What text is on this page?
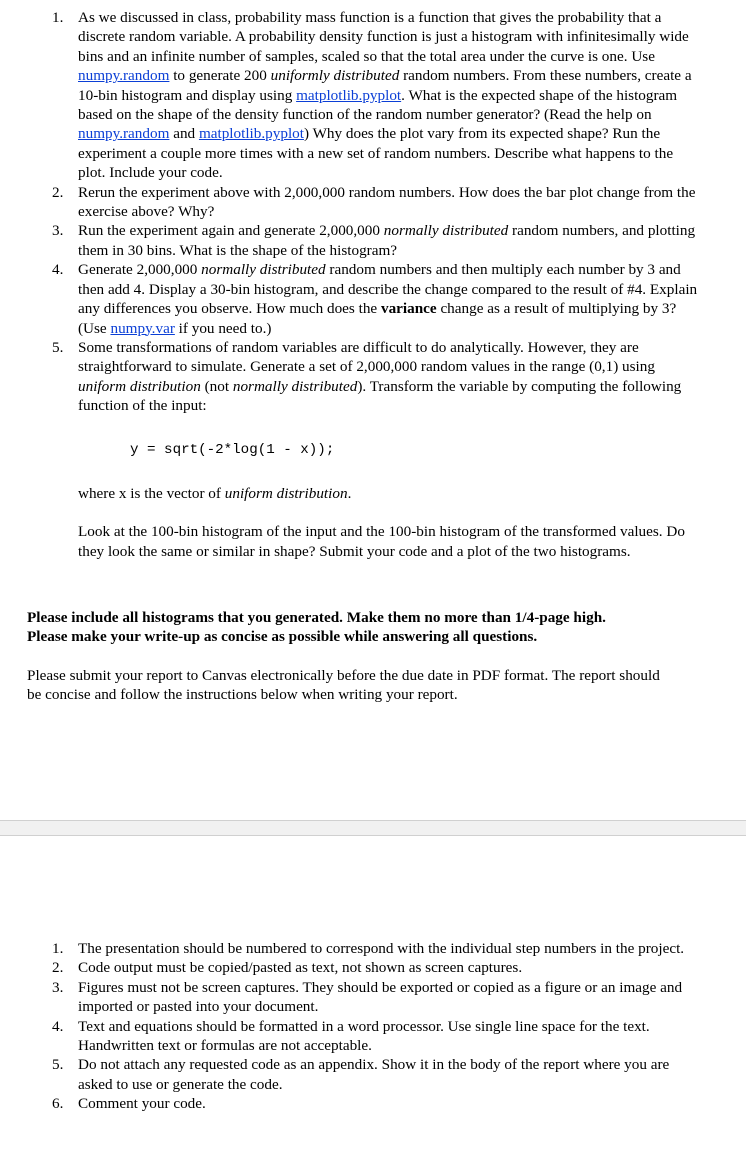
1. As we discussed in class, probability mass function is a function that gives the probability that a discrete random variable. A probability density function is just a histogram with infinitesimally wide bins and an infinite number of samples, scaled so that the total area under the curve is one. Use numpy.random to generate 200 uniformly distributed random numbers. From these numbers, create a 10-bin histogram and display using matplotlib.pyplot. What is the expected shape of the histogram based on the shape of the density function of the random number generator? (Read the help on numpy.random and matplotlib.pyplot) Why does the plot vary from its expected shape? Run the experiment a couple more times with a new set of random numbers. Describe what happens to the plot. Include your code.
2. Rerun the experiment above with 2,000,000 random numbers. How does the bar plot change from the exercise above? Why?
3. Run the experiment again and generate 2,000,000 normally distributed random numbers, and plotting them in 30 bins. What is the shape of the histogram?
4. Generate 2,000,000 normally distributed random numbers and then multiply each number by 3 and then add 4. Display a 30-bin histogram, and describe the change compared to the result of #4. Explain any differences you observe. How much does the variance change as a result of multiplying by 3? (Use numpy.var if you need to.)
5. Some transformations of random variables are difficult to do analytically. However, they are straightforward to simulate. Generate a set of 2,000,000 random values in the range (0,1) using uniform distribution (not normally distributed). Transform the variable by computing the following function of the input:
y = sqrt(-2*log(1 - x));

where x is the vector of uniform distribution.

Look at the 100-bin histogram of the input and the 100-bin histogram of the transformed values. Do they look the same or similar in shape? Submit your code and a plot of the two histograms.

Please include all histograms that you generated. Make them no more than 1/4-page high.
Please make your write-up as concise as possible while answering all questions.
Please submit your report to Canvas electronically before the due date in PDF format. The report should be concise and follow the instructions below when writing your report.
1. The presentation should be numbered to correspond with the individual step numbers in the project.
2. Code output must be copied/pasted as text, not shown as screen captures.
3. Figures must not be screen captures. They should be exported or copied as a figure or an image and imported or pasted into your document.
4. Text and equations should be formatted in a word processor. Use single line space for the text. Handwritten text or formulas are not acceptable.
5. Do not attach any requested code as an appendix. Show it in the body of the report where you are asked to use or generate the code.
6. Comment your code.
